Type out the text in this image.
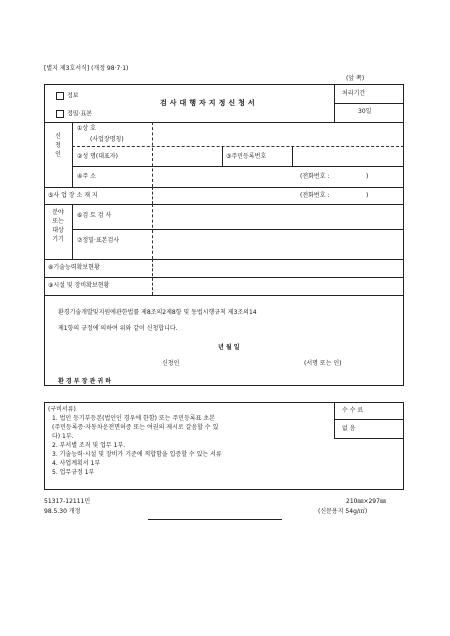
[별지 제3호서식] (개정 98·7·1)
(앞 쪽)
정보
정밀·표본
검사대행자지정신청서
처리기간
30일
신
청
인
①상 호
(사업장명칭)
②성 명(대표자)	③주민등록번호
④주 소	(전화번호 :	)
⑤사 업 장 소 재 지	(전화번호 :	)
분야
또는
대상
기기
⑥검 토 검 사
⑦정밀·표본검사
⑧기술능력확보현황
⑨시설 및 장비확보현황
환경기술개발및지원에관한법률 제8조의2제8항 및 동법시행규칙 제3조의14
제1항의 규정에 의하여 위와 같이 신청합니다.
년 월 일
신청인	(서명 또는 인)
환 경 부 장 관 귀 하
(구비서류)
1. 법인 등기부등본(법인인 경우에 한함) 또는 주민등록표 초본
(주민등록증·자동차운전면허증 또는 여권의 제시로 갈음할 수 있
다) 1부.
2. 부서별 조직 및 업무 1부.
3. 기술능력·시설 및 장비가 기준에 적합함을 입증할 수 있는 서류
4. 사업계획서 1부
5. 업무규정 1부
수 수 료
없 음
51317-12111민
98.5.30 개정
210㎜×297㎜
(신문용지 54g/㎡)
